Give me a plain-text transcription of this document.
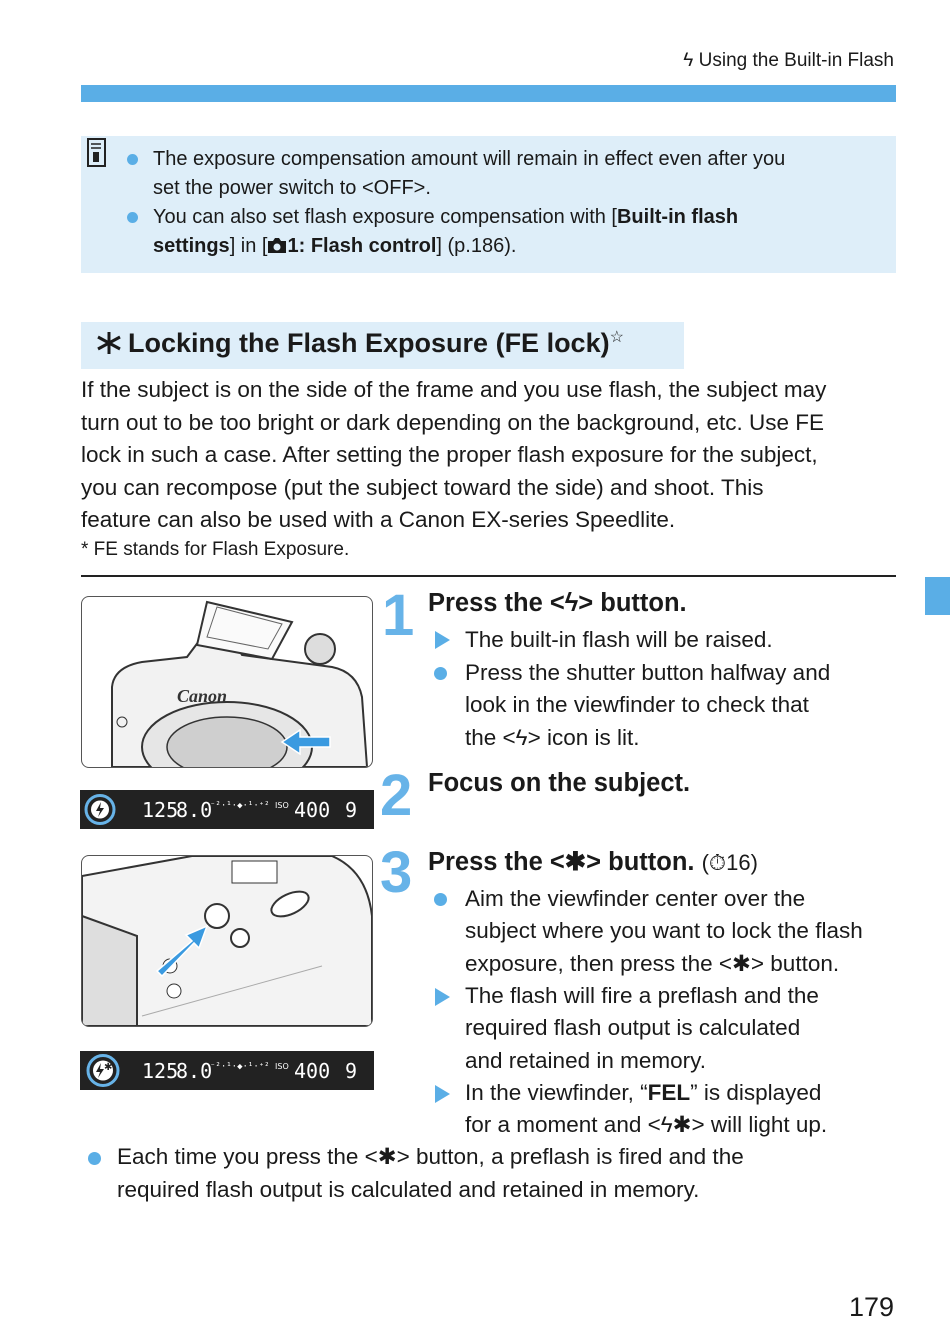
ϟ Using the Built-in Flash
The exposure compensation amount will remain in effect even after you
set the power switch to <OFF>.
You can also set flash exposure compensation with [Built-in flash
settings] in [ 1: Flash control] (p.186).
Locking the Flash Exposure (FE lock)☆
If the subject is on the side of the frame and you use flash, the subject may
turn out to be too bright or dark depending on the background, etc. Use FE
lock in such a case. After setting the proper flash exposure for the subject,
you can recompose (put the subject toward the side) and shoot. This
feature can also be used with a Canon EX-series Speedlite.
* FE stands for Flash Exposure.
Canon
125
8.0
⁻²·¹·◆·¹·⁺² ISO 400 9
✱ 125
8.0
⁻²·¹·◆·¹·⁺² ISO 400 9
1 Press the <ϟ> button.
The built-in flash will be raised.
Press the shutter button halfway and
look in the viewfinder to check that
the <ϟ> icon is lit.
2 Focus on the subject.
3 Press the <✱> button. (⏱16)
Aim the viewfinder center over the
subject where you want to lock the flash
exposure, then press the <✱> button.
The flash will fire a preflash and the
required flash output is calculated
and retained in memory.
In the viewfinder, “FEL” is displayed
for a moment and <ϟ✱> will light up.
Each time you press the <✱> button, a preflash is fired and the
required flash output is calculated and retained in memory.
179
